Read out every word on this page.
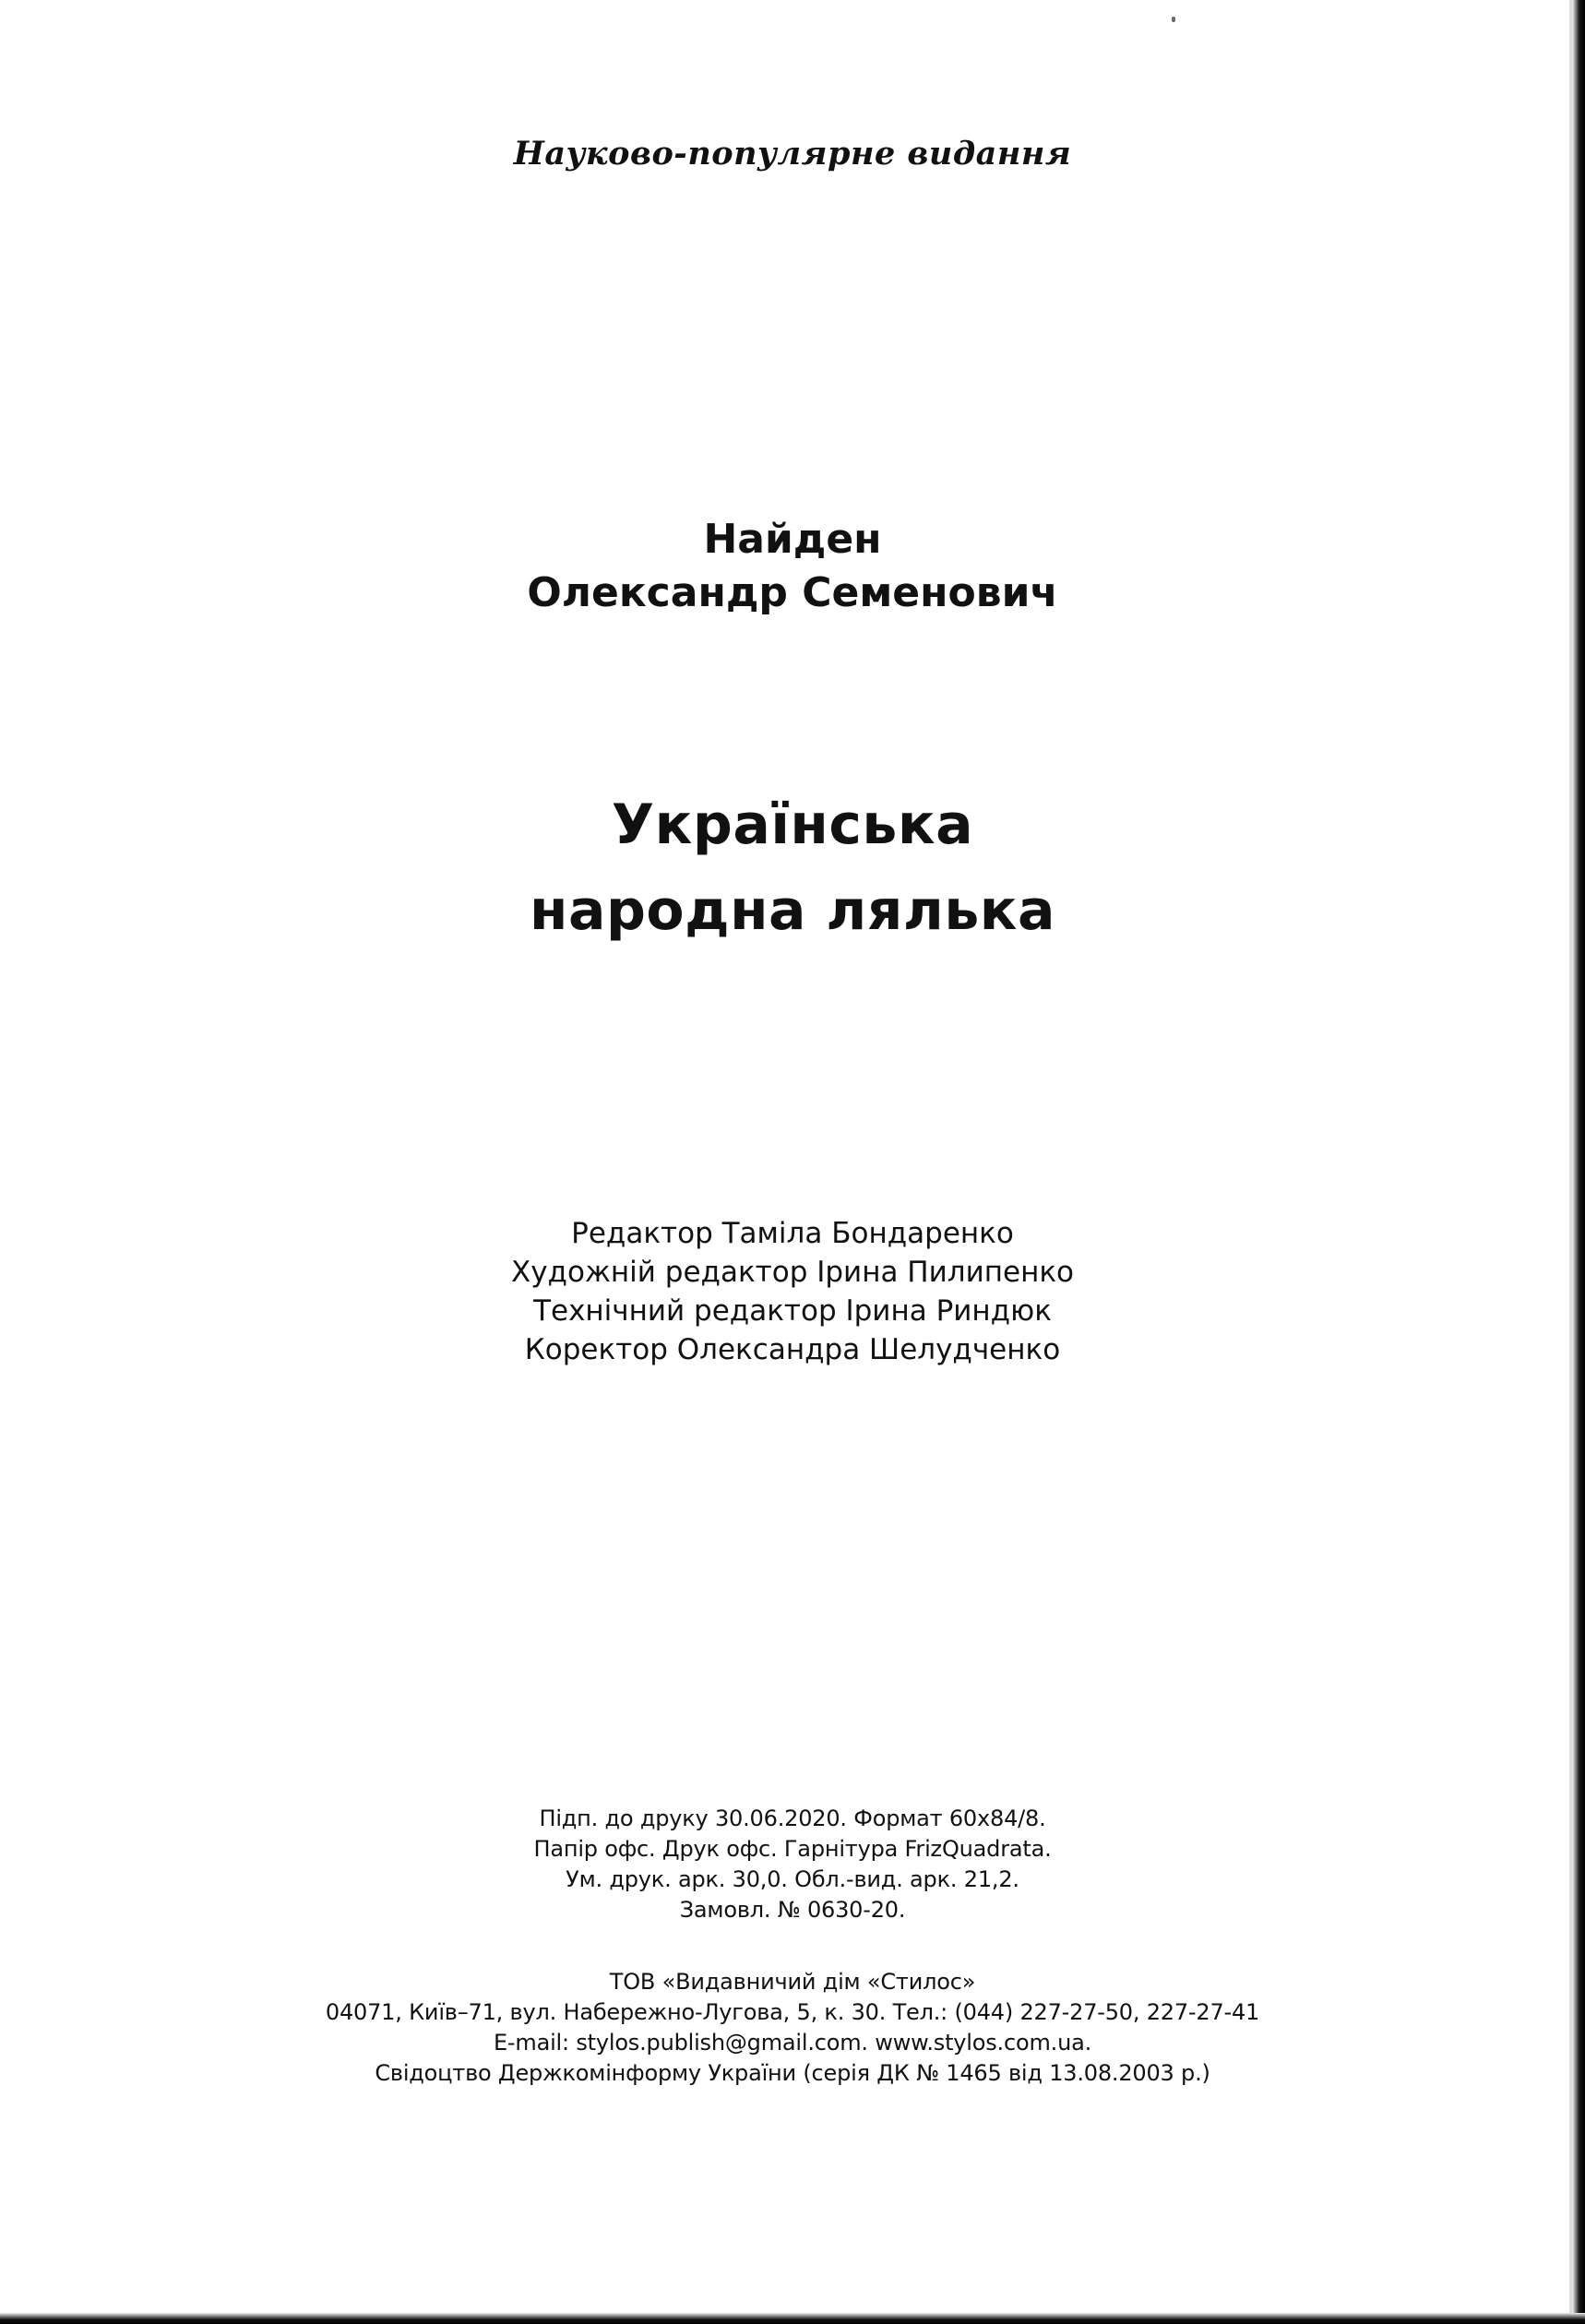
Науково-популярне видання
Найден
Олександр Семенович
Українська
народна лялька
Редактор Таміла Бондаренко
Художній редактор Ірина Пилипенко
Технічний редактор Ірина Риндюк
Коректор Олександра Шелудченко
Підп. до друку 30.06.2020. Формат 60х84/8.
Папір офс. Друк офс. Гарнітура FrizQuadrata.
Ум. друк. арк. 30,0. Обл.-вид. арк. 21,2.
Замовл. № 0630-20.
ТОВ «Видавничий дім «Стилос»
04071, Київ–71, вул. Набережно-Лугова, 5, к. 30. Тел.: (044) 227-27-50, 227-27-41
E-mail: stylos.publish@gmail.com. www.stylos.com.ua.
Свідоцтво Держкомінформу України (серія ДК № 1465 від 13.08.2003 р.)
